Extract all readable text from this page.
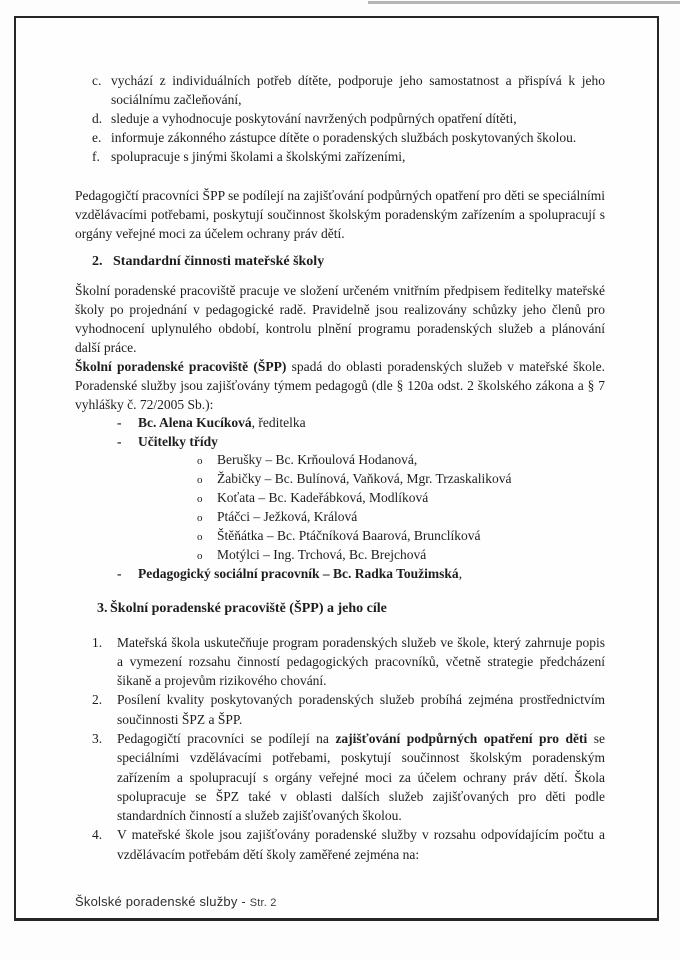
c. vychází z individuálních potřeb dítěte, podporuje jeho samostatnost a přispívá k jeho sociálnímu začleňování,
d. sleduje a vyhodnocuje poskytování navržených podpůrných opatření dítěti,
e. informuje zákonného zástupce dítěte o poradenských službách poskytovaných školou.
f. spolupracuje s jinými školami a školskými zařízeními,

Pedagogičtí pracovníci ŠPP se podílejí na zajišťování podpůrných opatření pro děti se speciálními vzdělávacími potřebami, poskytují součinnost školským poradenským zařízením a spolupracují s orgány veřejné moci za účelem ochrany práv dětí.

2. Standardní činnosti mateřské školy

Školní poradenské pracoviště pracuje ve složení určeném vnitřním předpisem ředitelky mateřské školy po projednání v pedagogické radě. Pravidelně jsou realizovány schůzky jeho členů pro vyhodnocení uplynulého období, kontrolu plnění programu poradenských služeb a plánování další práce.

Školní poradenské pracoviště (ŠPP) spadá do oblasti poradenských služeb v mateřské škole. Poradenské služby jsou zajišťovány týmem pedagogů (dle § 120a odst. 2 školského zákona a § 7 vyhlášky č. 72/2005 Sb.):

-	Bc. Alena Kucíková, ředitelka
-	Učitelky třídy
o	Berušky – Bc. Krňoulová Hodanová,
o	Žabičky – Bc. Bulínová, Vaňková, Mgr. Trzaskaliková
o	Koťata – Bc. Kadeřábková, Modlíková
o	Ptáčci – Ježková, Králová
o	Štěňátka – Bc. Ptáčníková Baarová, Brunclíková
o	Motýlci – Ing. Trchová, Bc. Brejchová
-	Pedagogický sociální pracovník – Bc. Radka Toužimská,
3. Školní poradenské pracoviště (ŠPP) a jeho cíle
1.	Mateřská škola uskutečňuje program poradenských služeb ve škole, který zahrnuje popis a vymezení rozsahu činností pedagogických pracovníků, včetně strategie předcházení šikaně a projevům rizikového chování.
2.	Posílení kvality poskytovaných poradenských služeb probíhá zejména prostřednictvím součinnosti ŠPZ a ŠPP.
3.	Pedagogičtí pracovníci se podílejí na zajišťování podpůrných opatření pro děti se speciálními vzdělávacími potřebami, poskytují součinnost školským poradenským zařízením a spolupracují s orgány veřejné moci za účelem ochrany práv dětí. Škola spolupracuje se ŠPZ také v oblasti dalších služeb zajišťovaných pro děti podle standardních činností a služeb zajišťovaných školou.
4.	V mateřské škole jsou zajišťovány poradenské služby v rozsahu odpovídajícím počtu a vzdělávacím potřebám dětí školy zaměřené zejména na:
Školské poradenské služby - Str. 2
